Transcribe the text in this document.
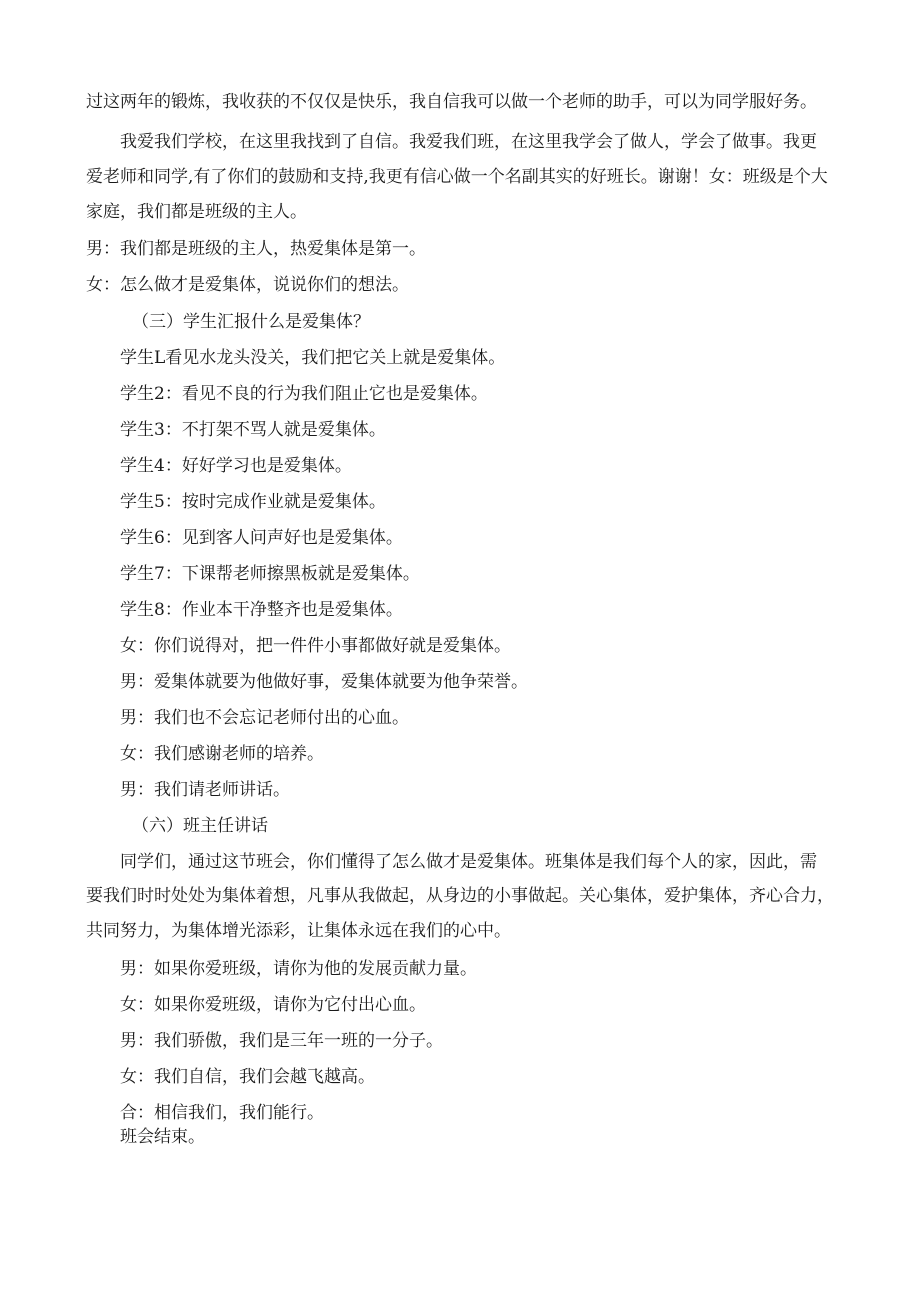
过这两年的锻炼，我收获的不仅仅是快乐，我自信我可以做一个老师的助手，可以为同学服好务。
我爱我们学校，在这里我找到了自信。我爱我们班，在这里我学会了做人，学会了做事。我更
爱老师和同学,有了你们的鼓励和支持,我更有信心做一个名副其实的好班长。谢谢！女：班级是个大
家庭，我们都是班级的主人。
男：我们都是班级的主人，热爱集体是第一。
女：怎么做才是爱集体，说说你们的想法。
（三）学生汇报什么是爱集体？
学生L看见水龙头没关，我们把它关上就是爱集体。
学生2：看见不良的行为我们阻止它也是爱集体。
学生3：不打架不骂人就是爱集体。
学生4：好好学习也是爱集体。
学生5：按时完成作业就是爱集体。
学生6：见到客人问声好也是爱集体。
学生7：下课帮老师擦黑板就是爱集体。
学生8：作业本干净整齐也是爱集体。
女：你们说得对，把一件件小事都做好就是爱集体。
男：爱集体就要为他做好事，爱集体就要为他争荣誉。
男：我们也不会忘记老师付出的心血。
女：我们感谢老师的培养。
男：我们请老师讲话。
（六）班主任讲话
同学们，通过这节班会，你们懂得了怎么做才是爱集体。班集体是我们每个人的家，因此，需
要我们时时处处为集体着想，凡事从我做起，从身边的小事做起。关心集体，爱护集体，齐心合力，
共同努力，为集体增光添彩，让集体永远在我们的心中。
男：如果你爱班级，请你为他的发展贡献力量。
女：如果你爱班级，请你为它付出心血。
男：我们骄傲，我们是三年一班的一分子。
女：我们自信，我们会越飞越高。
合：相信我们，我们能行。
班会结束。
